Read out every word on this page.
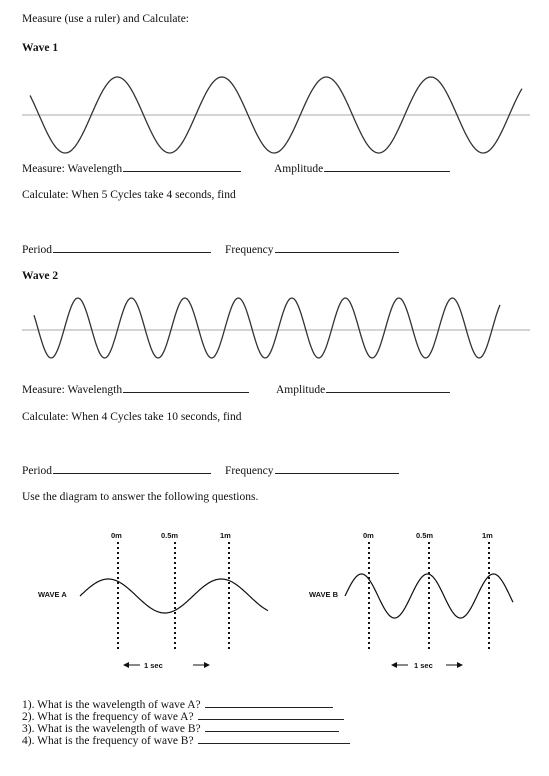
Measure (use a ruler) and Calculate:
Wave 1
Measure: Wavelength	Amplitude
Calculate: When 5 Cycles take 4 seconds, find
Period	Frequency
Wave 2
Measure: Wavelength	Amplitude
Calculate: When 4 Cycles take 10 seconds, find
Period	Frequency
Use the diagram to answer the following questions.
0m	0.5m	1m
WAVE A
1 sec
0m	0.5m	1m
WAVE B
1 sec
1). What is the wavelength of wave A?
2). What is the frequency of wave A?
3). What is the wavelength of wave B?
4). What is the frequency of wave B?
